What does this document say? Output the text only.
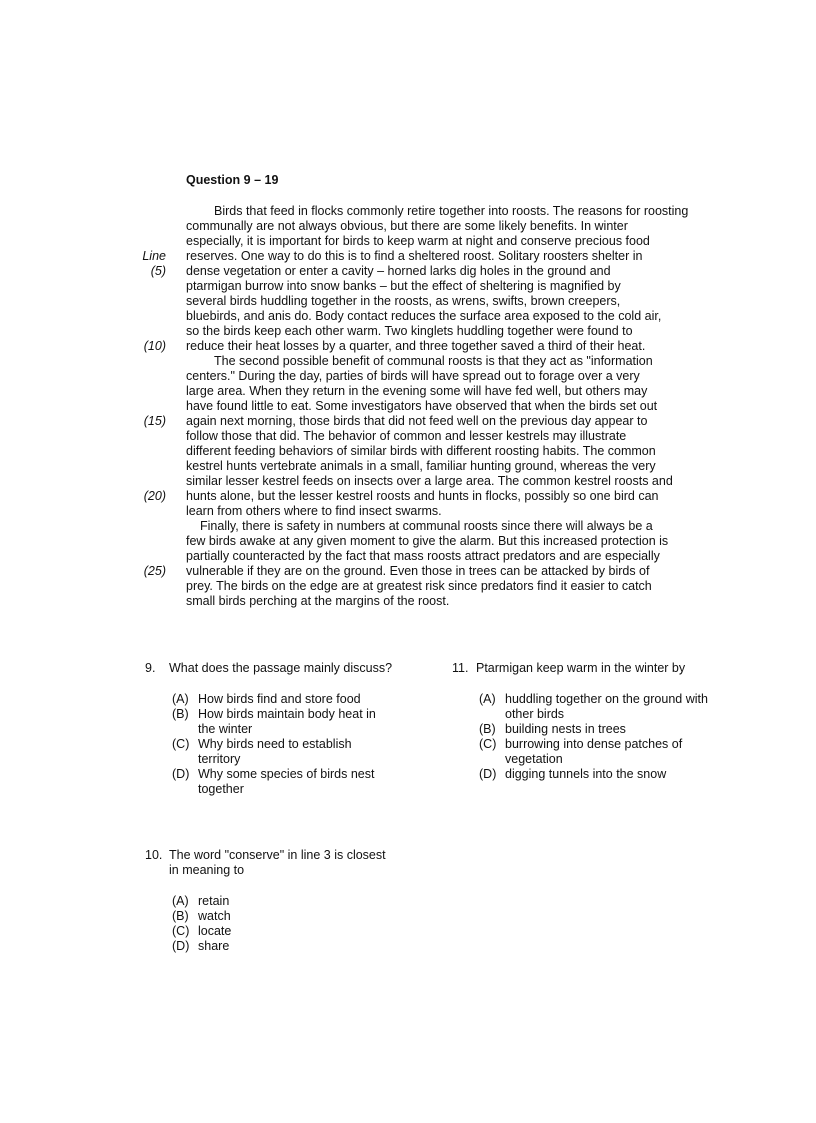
Question 9 – 19
Line
(5)
(10)
(15)
(20)
(25)
Birds that feed in flocks commonly retire together into roosts. The reasons for roosting
communally are not always obvious, but there are some likely benefits. In winter
especially, it is important for birds to keep warm at night and conserve precious food
reserves. One way to do this is to find a sheltered roost. Solitary roosters shelter in
dense vegetation or enter a cavity – horned larks dig holes in the ground and
ptarmigan burrow into snow banks – but the effect of sheltering is magnified by
several birds huddling together in the roosts, as wrens, swifts, brown creepers,
bluebirds, and anis do. Body contact reduces the surface area exposed to the cold air,
so the birds keep each other warm. Two kinglets huddling together were found to
reduce their heat losses by a quarter, and three together saved a third of their heat.
The second possible benefit of communal roosts is that they act as "information
centers." During the day, parties of birds will have spread out to forage over a very
large area. When they return in the evening some will have fed well, but others may
have found little to eat. Some investigators have observed that when the birds set out
again next morning, those birds that did not feed well on the previous day appear to
follow those that did. The behavior of common and lesser kestrels may illustrate
different feeding behaviors of similar birds with different roosting habits. The common
kestrel hunts vertebrate animals in a small, familiar hunting ground, whereas the very
similar lesser kestrel feeds on insects over a large area. The common kestrel roosts and
hunts alone, but the lesser kestrel roosts and hunts in flocks, possibly so one bird can
learn from others where to find insect swarms.
Finally, there is safety in numbers at communal roosts since there will always be a
few birds awake at any given moment to give the alarm. But this increased protection is
partially counteracted by the fact that mass roosts attract predators and are especially
vulnerable if they are on the ground. Even those in trees can be attacked by birds of
prey. The birds on the edge are at greatest risk since predators find it easier to catch
small birds perching at the margins of the roost.
9.	What does the passage mainly discuss?
(A) How birds find and store food
(B) How birds maintain body heat in the winter
(C) Why birds need to establish territory
(D) Why some species of birds nest together
10. The word "conserve" in line 3 is closest in meaning to
(A) retain
(B) watch
(C) locate
(D) share
11. Ptarmigan keep warm in the winter by
(A) huddling together on the ground with other birds
(B) building nests in trees
(C) burrowing into dense patches of vegetation
(D) digging tunnels into the snow
